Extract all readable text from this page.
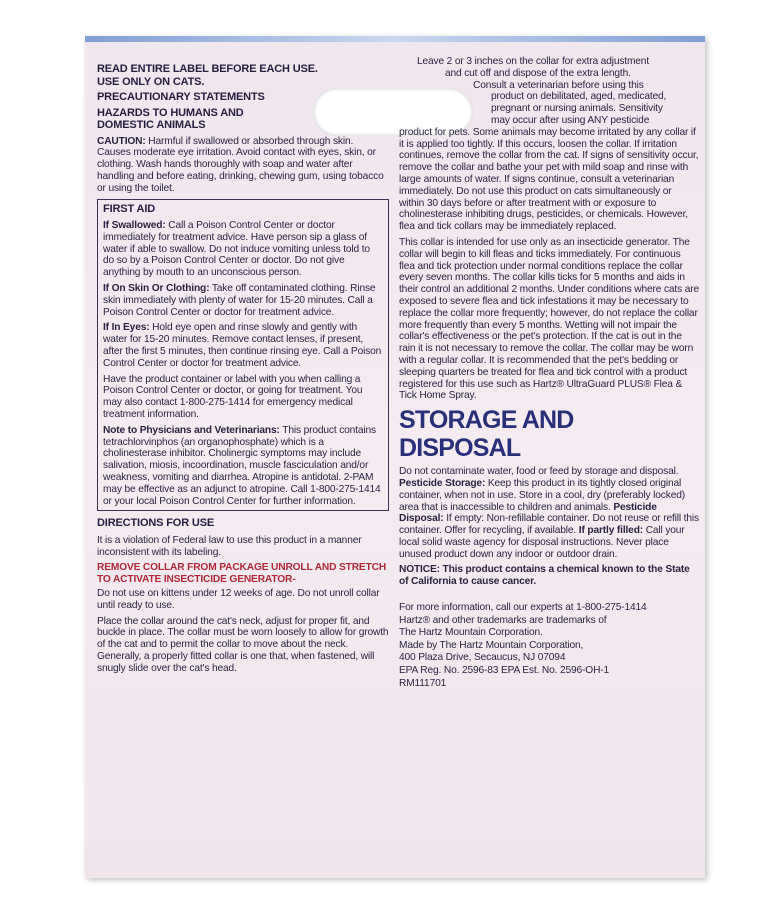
READ ENTIRE LABEL BEFORE EACH USE.
USE ONLY ON CATS.
PRECAUTIONARY STATEMENTS
HAZARDS TO HUMANS AND
DOMESTIC ANIMALS

CAUTION: Harmful if swallowed or absorbed through skin. Causes moderate eye irritation. Avoid contact with eyes, skin, or clothing. Wash hands thoroughly with soap and water after handling and before eating, drinking, chewing gum, using tobacco or using the toilet.

FIRST AID

If Swallowed: Call a Poison Control Center or doctor immediately for treatment advice. Have person sip a glass of water if able to swallow. Do not induce vomiting unless told to do so by a Poison Control Center or doctor. Do not give anything by mouth to an unconscious person.

If On Skin Or Clothing: Take off contaminated clothing. Rinse skin immediately with plenty of water for 15-20 minutes. Call a Poison Control Center or doctor for treatment advice.

If In Eyes: Hold eye open and rinse slowly and gently with water for 15-20 minutes. Remove contact lenses, if present, after the first 5 minutes, then continue rinsing eye. Call a Poison Control Center or doctor for treatment advice.

Have the product container or label with you when calling a Poison Control Center or doctor, or going for treatment. You may also contact 1-800-275-1414 for emergency medical treatment information.

Note to Physicians and Veterinarians: This product contains tetrachlorvinphos (an organophosphate) which is a cholinesterase inhibitor. Cholinergic symptoms may include salivation, miosis, incoordination, muscle fasciculation and/or weakness, vomiting and diarrhea. Atropine is antidotal. 2-PAM may be effective as an adjunct to atropine. Call 1-800-275-1414 or your local Poison Control Center for further information.

DIRECTIONS FOR USE

It is a violation of Federal law to use this product in a manner inconsistent with its labeling.

REMOVE COLLAR FROM PACKAGE UNROLL AND STRETCH TO ACTIVATE INSECTICIDE GENERATOR-

Do not use on kittens under 12 weeks of age. Do not unroll collar until ready to use.

Place the collar around the cat's neck, adjust for proper fit, and buckle in place. The collar must be worn loosely to allow for growth of the cat and to permit the collar to move about the neck. Generally, a properly fitted collar is one that, when fastened, will snugly slide over the cat's head.

Leave 2 or 3 inches on the collar for extra adjustment
and cut off and dispose of the extra length.
Consult a veterinarian before using this
product on debilitated, aged, medicated,
pregnant or nursing animals. Sensitivity
may occur after using ANY pesticide

product for pets. Some animals may become irritated by any collar if it is applied too tightly. If this occurs, loosen the collar. If irritation continues, remove the collar from the cat. If signs of sensitivity occur, remove the collar and bathe your pet with mild soap and rinse with large amounts of water. If signs continue, consult a veterinarian immediately. Do not use this product on cats simultaneously or within 30 days before or after treatment with or exposure to cholinesterase inhibiting drugs, pesticides, or chemicals. However, flea and tick collars may be immediately replaced.

This collar is intended for use only as an insecticide generator. The collar will begin to kill fleas and ticks immediately. For continuous flea and tick protection under normal conditions replace the collar every seven months. The collar kills ticks for 5 months and aids in their control an additional 2 months. Under conditions where cats are exposed to severe flea and tick infestations it may be necessary to replace the collar more frequently; however, do not replace the collar more frequently than every 5 months. Wetting will not impair the collar's effectiveness or the pet's protection. If the cat is out in the rain it is not necessary to remove the collar. The collar may be worn with a regular collar. It is recommended that the pet's bedding or sleeping quarters be treated for flea and tick control with a product registered for this use such as Hartz® UltraGuard PLUS® Flea & Tick Home Spray.

STORAGE AND DISPOSAL

Do not contaminate water, food or feed by storage and disposal. Pesticide Storage: Keep this product in its tightly closed original container, when not in use. Store in a cool, dry (preferably locked) area that is inaccessible to children and animals. Pesticide Disposal: If empty: Non-refillable container. Do not reuse or refill this container. Offer for recycling, if available. If partly filled: Call your local solid waste agency for disposal instructions. Never place unused product down any indoor or outdoor drain.

NOTICE: This product contains a chemical known to the State of California to cause cancer.

For more information, call our experts at 1-800-275-1414
Hartz® and other trademarks are trademarks of
The Hartz Mountain Corporation.
Made by The Hartz Mountain Corporation,
400 Plaza Drive, Secaucus, NJ 07094
EPA Reg. No. 2596-83 EPA Est. No. 2596-OH-1
RM111701
